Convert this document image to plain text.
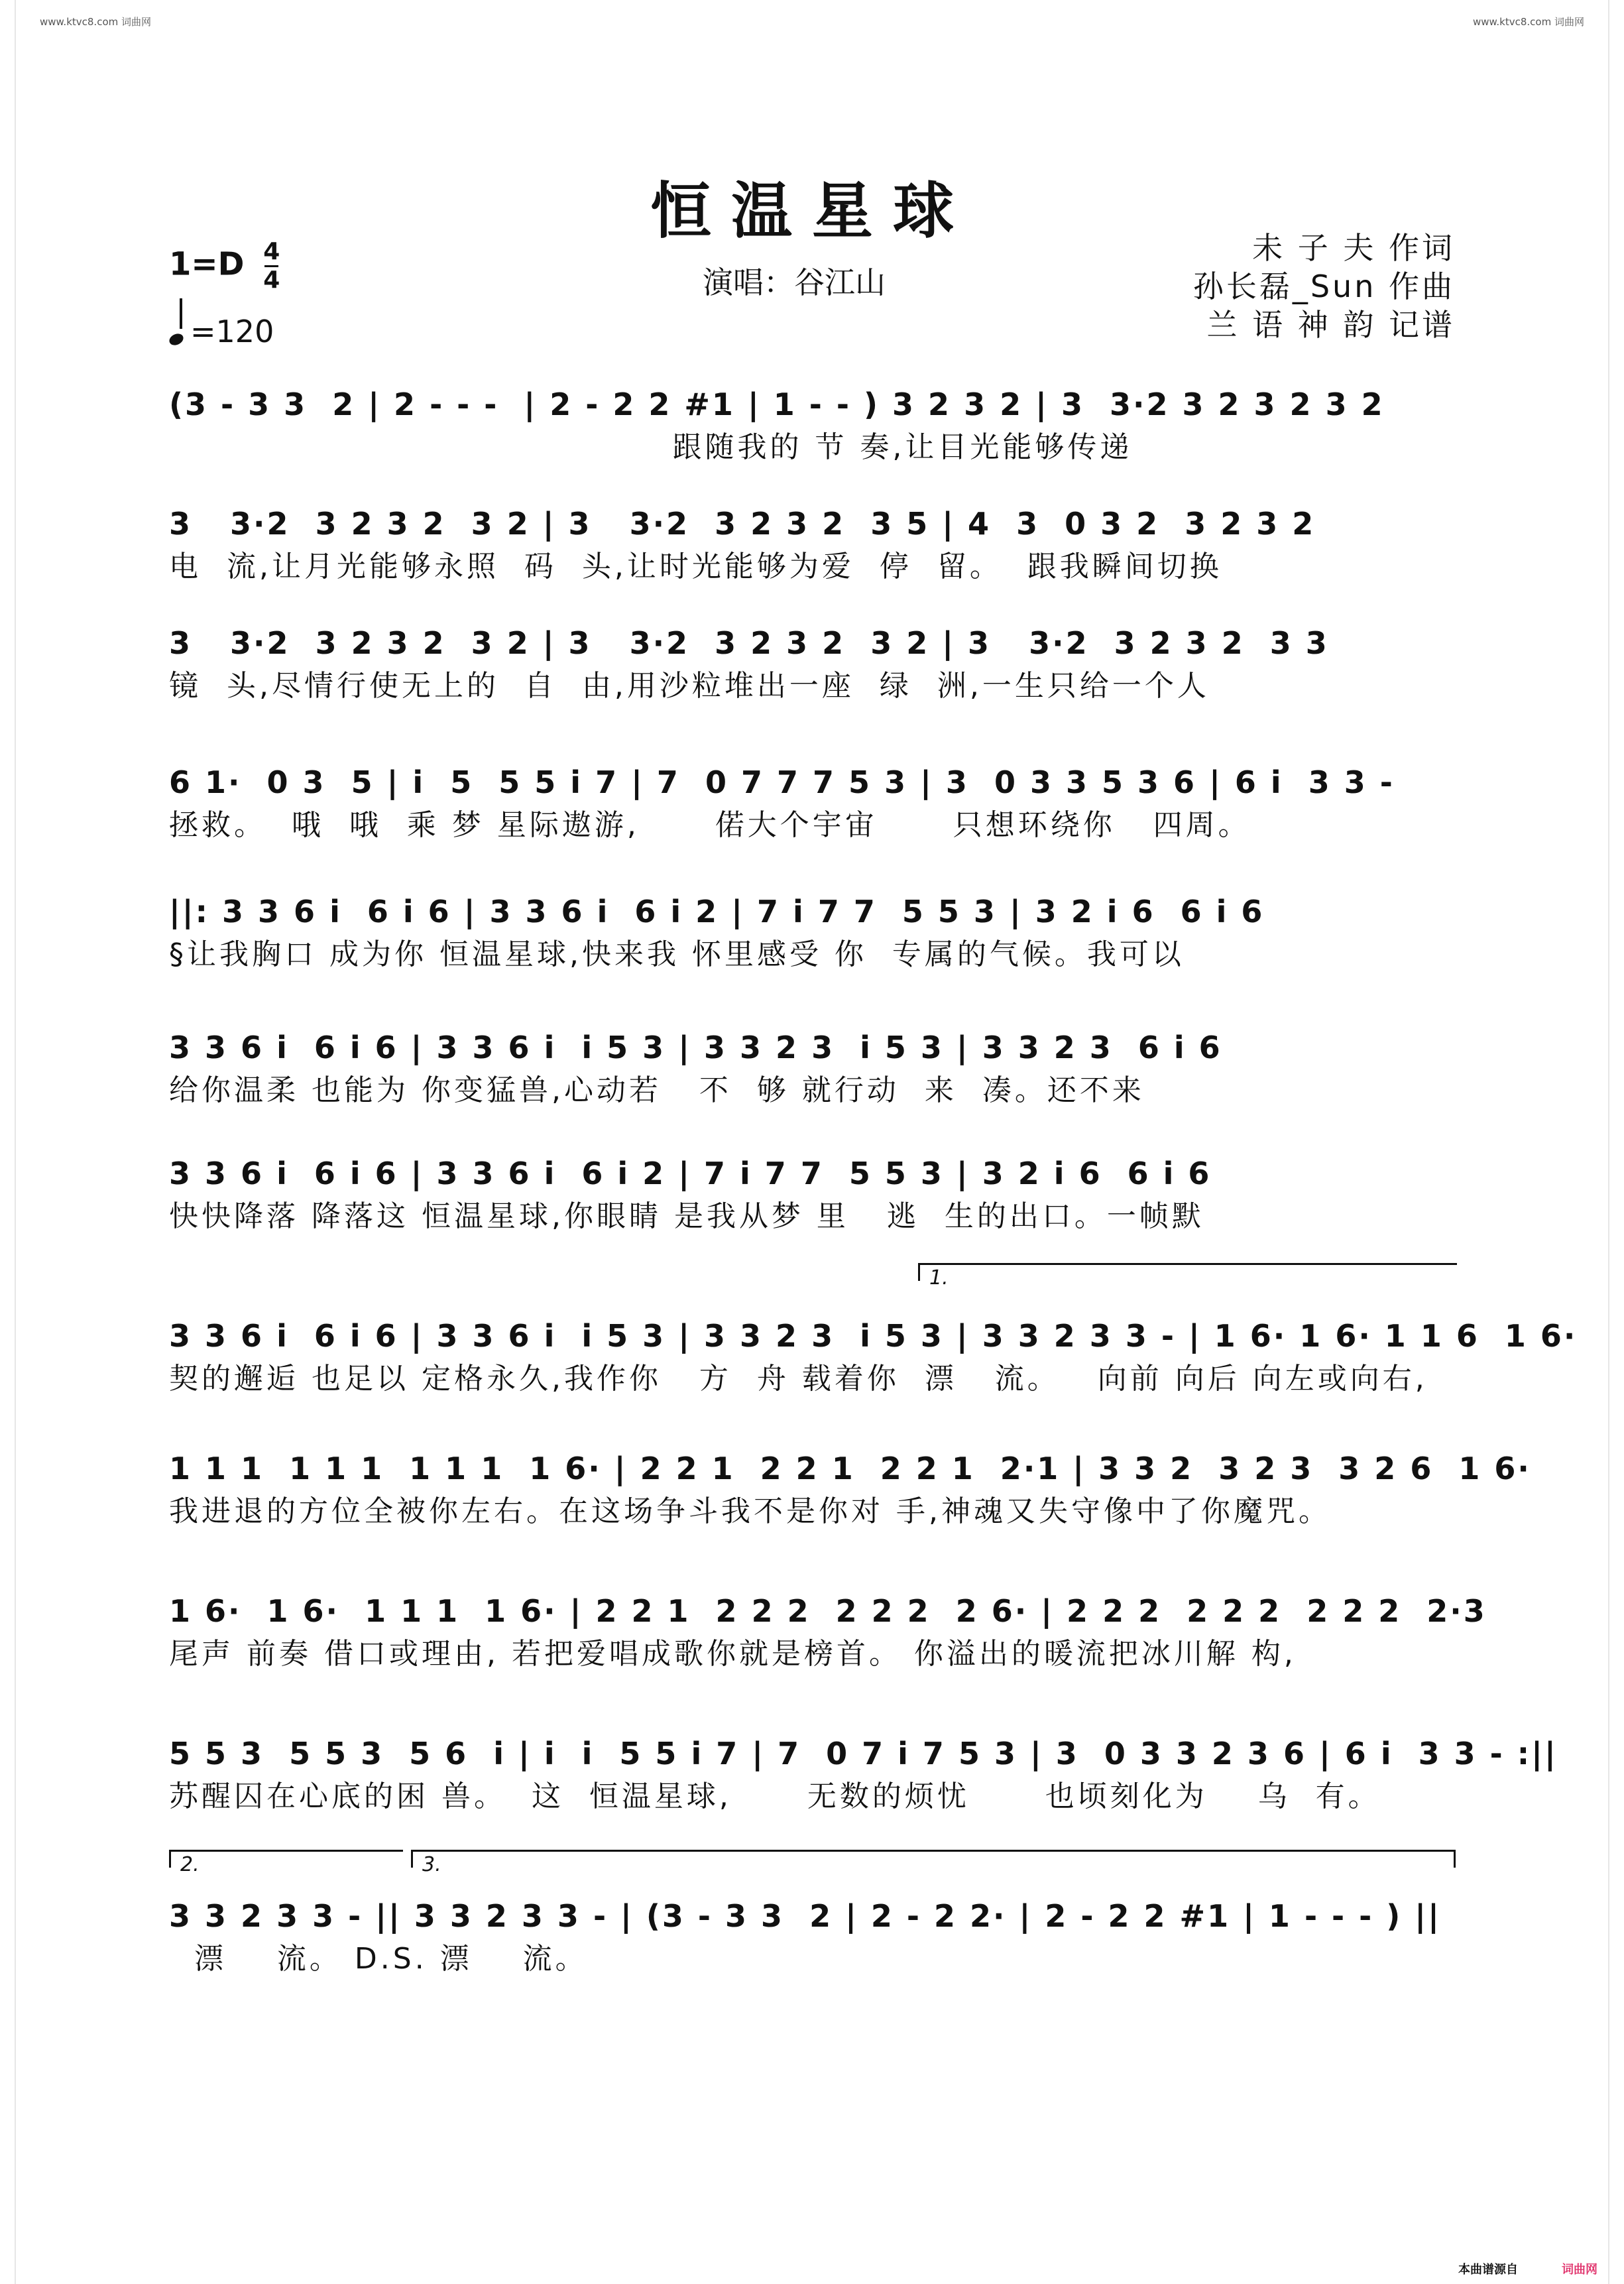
www.ktvc8.com 词曲网	www.ktvc8.com 词曲网
恒温星球
$1=D \frac{4}{4}$
=120
演唱：谷江山
未 子 夫 作词
孙长磊_Sun 作曲
兰 语 神 韵 记谱
(3 - 3 3  2 | 2 - - -  | 2 - 2 2 #1 | 1 - - ) 3 2 3 2 | 3  3·2 3 2 3 2 3 2
跟随我的 节 奏,让目光能够传递
3   3·2  3 2 3 2  3 2 | 3   3·2  3 2 3 2  3 5 | 4  3  0 3 2  3 2 3 2
电  流,让月光能够永照  码  头,让时光能够为爱  停  留。  跟我瞬间切换
3   3·2  3 2 3 2  3 2 | 3   3·2  3 2 3 2  3 2 | 3   3·2  3 2 3 2  3 3
镜  头,尽情行使无上的  自  由,用沙粒堆出一座  绿  洲,一生只给一个人
6 1·  0 3  5 | i  5  5 5 i 7 | 7  0 7 7 7 5 3 | 3  0 3 3 5 3 6 | 6 i  3 3 -
拯救。  哦  哦  乘 梦 星际遨游,      偌大个宇宙      只想环绕你   四周。
||: 3 3 6 i  6 i 6 | 3 3 6 i  6 i 2 | 7 i 7 7  5 5 3 | 3 2 i 6  6 i 6
§让我胸口 成为你 恒温星球,快来我 怀里感受 你  专属的气候。我可以
3 3 6 i  6 i 6 | 3 3 6 i  i 5 3 | 3 3 2 3  i 5 3 | 3 3 2 3  6 i 6
给你温柔 也能为 你变猛兽,心动若   不  够 就行动  来  凑。还不来
3 3 6 i  6 i 6 | 3 3 6 i  6 i 2 | 7 i 7 7  5 5 3 | 3 2 i 6  6 i 6
快快降落 降落这 恒温星球,你眼睛 是我从梦 里   逃  生的出口。一帧默
1.
3 3 6 i  6 i 6 | 3 3 6 i  i 5 3 | 3 3 2 3  i 5 3 | 3 3 2 3 3 - | 1 6· 1 6· 1 1 6  1 6·
契的邂逅 也足以 定格永久,我作你   方  舟 载着你  漂   流。   向前 向后 向左或向右,
1 1 1  1 1 1  1 1 1  1 6· | 2 2 1  2 2 1  2 2 1  2·1 | 3 3 2  3 2 3  3 2 6  1 6·
我进退的方位全被你左右。在这场争斗我不是你对 手,神魂又失守像中了你魔咒。
1 6·  1 6·  1 1 1  1 6· | 2 2 1  2 2 2  2 2 2  2 6· | 2 2 2  2 2 2  2 2 2  2·3
尾声 前奏 借口或理由, 若把爱唱成歌你就是榜首。 你溢出的暖流把冰川解 构,
5 5 3  5 5 3  5 6  i | i  i  5 5 i 7 | 7  0 7 i 7 5 3 | 3  0 3 3 2 3 6 | 6 i  3 3 - :||
苏醒囚在心底的困 兽。  这  恒温星球,      无数的烦忧      也顷刻化为    乌  有。
2.	3.
3 3 2 3 3 - || 3 3 2 3 3 - | (3 - 3 3  2 | 2 - 2 2· | 2 - 2 2 #1 | 1 - - - ) ||
漂    流。 D.S. 漂    流。
本曲谱源自	词曲网
